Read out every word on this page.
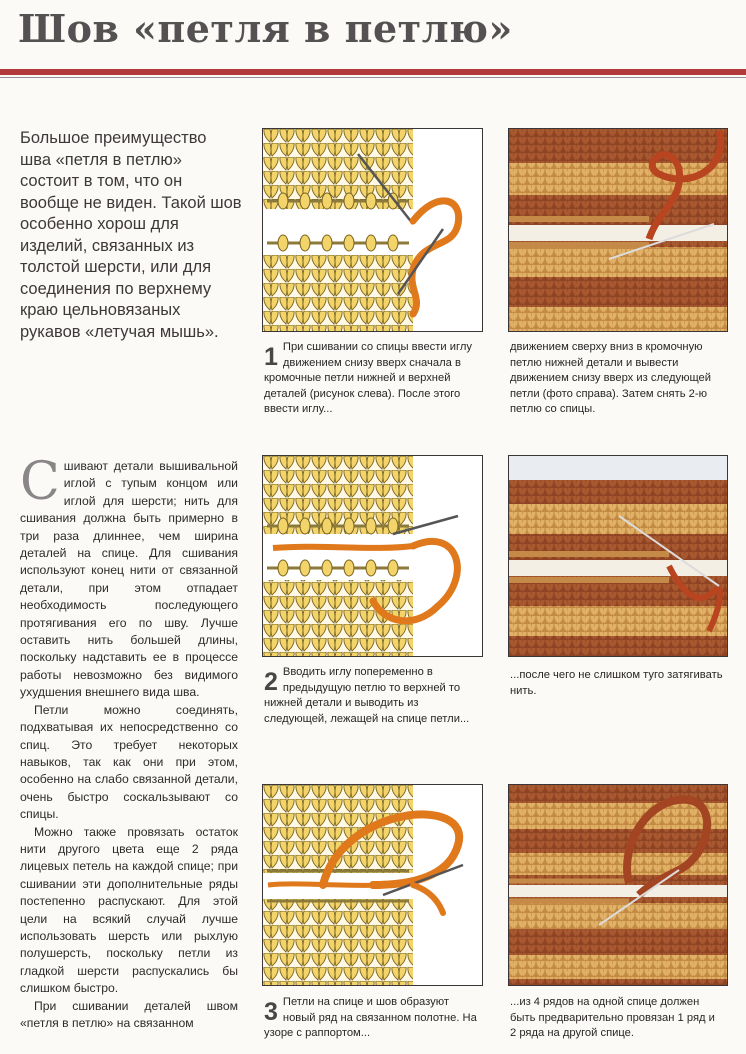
Шов «петля в петлю»

Большое преимущество шва «петля в петлю» состоит в том, что он вообще не виден. Такой шов особенно хорош для изделий, связанных из толстой шерсти, или для соединения по верхнему краю цельновязаных рукавов «летучая мышь».

Сшивают детали вышивальной иглой с тупым концом или иглой для шерсти; нить для сшивания должна быть примерно в три раза длиннее, чем ширина деталей на спице. Для сшивания используют конец нити от связанной детали, при этом отпадает необходимость последующего протягивания его по шву. Лучше оставить нить большей длины, поскольку надставить ее в процессе работы невозможно без видимого ухудшения внешнего вида шва.

Петли можно соединять, подхватывая их непосредственно со спиц. Это требует некоторых навыков, так как они при этом, особенно на слабо связанной детали, очень быстро соскальзывают со спицы.

Можно также провязать остаток нити другого цвета еще 2 ряда лицевых петель на каждой спице; при сшивании эти дополнительные ряды постепенно распускают. Для этой цели на всякий случай лучше использовать шерсть или рыхлую полушерсть, поскольку петли из гладкой шерсти распускались бы слишком быстро.

При сшивании деталей швом «петля в петлю» на связанном

1 При сшивании со спицы ввести иглу движением снизу вверх сначала в кромочные петли нижней и верхней деталей (рисунок слева). После этого ввести иглу...
движением сверху вниз в кромочную петлю нижней детали и вывести движением снизу вверх из следующей петли (фото справа). Затем снять 2-ю петлю со спицы.
2 Вводить иглу попеременно в предыдущую петлю то верхней то нижней детали и выводить из следующей, лежащей на спице петли...
...после чего не слишком туго затягивать нить.
3 Петли на спице и шов образуют новый ряд на связанном полотне. На узоре с раппортом...
...из 4 рядов на одной спице должен быть предварительно провязан 1 ряд и 2 ряда на другой спице.
